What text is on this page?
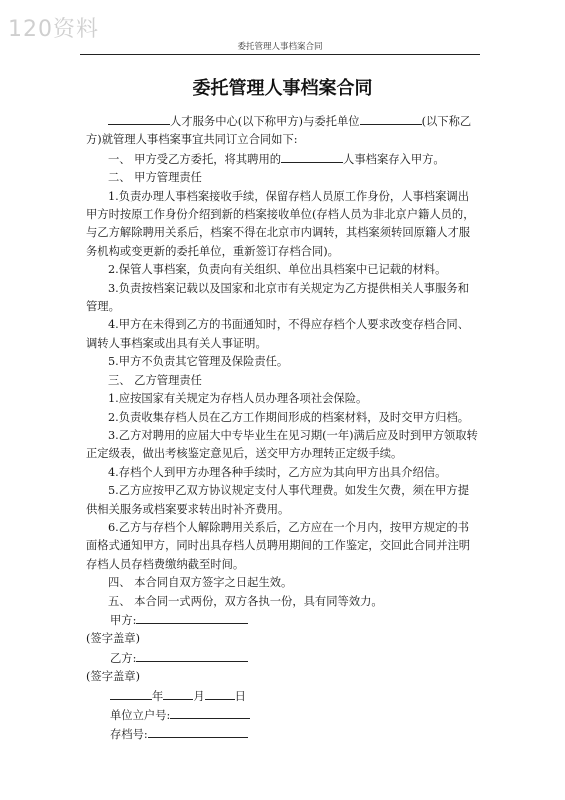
120资料
委托管理人事档案合同
委托管理人事档案合同

人才服务中心(以下称甲方)与委托单位	(以下称乙方)就管理人事档案事宜共同订立合同如下:

一、 甲方受乙方委托，将其聘用的	人事档案存入甲方。

二、 甲方管理责任

1.负责办理人事档案接收手续，保留存档人员原工作身份，人事档案调出甲方时按原工作身份介绍到新的档案接收单位(存档人员为非北京户籍人员的，与乙方解除聘用关系后，档案不得在北京市内调转，其档案须转回原籍人才服务机构或变更新的委托单位，重新签订存档合同)。

2.保管人事档案，负责向有关组织、单位出具档案中已记载的材料。

3.负责按档案记载以及国家和北京市有关规定为乙方提供相关人事服务和管理。

4.甲方在未得到乙方的书面通知时，不得应存档个人要求改变存档合同、调转人事档案或出具有关人事证明。

5.甲方不负责其它管理及保险责任。

三、 乙方管理责任

1.应按国家有关规定为存档人员办理各项社会保险。

2.负责收集存档人员在乙方工作期间形成的档案材料，及时交甲方归档。

3.乙方对聘用的应届大中专毕业生在见习期(一年)满后应及时到甲方领取转正定级表，做出考核鉴定意见后，送交甲方办理转正定级手续。

4.存档个人到甲方办理各种手续时，乙方应为其向甲方出具介绍信。

5.乙方应按甲乙双方协议规定支付人事代理费。如发生欠费，须在甲方提供相关服务或档案要求转出时补齐费用。

6.乙方与存档个人解除聘用关系后，乙方应在一个月内，按甲方规定的书面格式通知甲方，同时出具存档人员聘用期间的工作鉴定，交回此合同并注明存档人员存档费缴纳截至时间。

四、 本合同自双方签字之日起生效。

五、 本合同一式两份，双方各执一份，具有同等效力。

甲方:

(签字盖章)

乙方:

(签字盖章)

年	月	日

单位立户号:

存档号:
